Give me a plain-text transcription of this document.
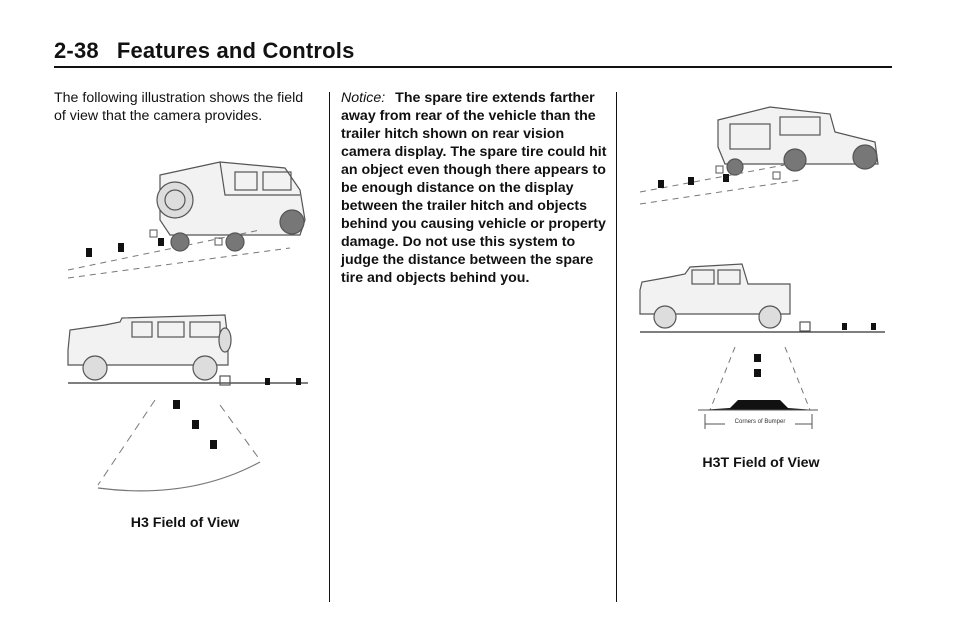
2-38 Features and Controls

The following illustration shows the field of view that the camera provides.

Notice: The spare tire extends farther away from rear of the vehicle than the trailer hitch shown on rear vision camera display. The spare tire could hit an object even though there appears to be enough distance on the display between the trailer hitch and objects behind you causing vehicle or property damage. Do not use this system to judge the distance between the spare tire and objects behind you.

H3 Field of View
Corners of Bumper
H3T Field of View
